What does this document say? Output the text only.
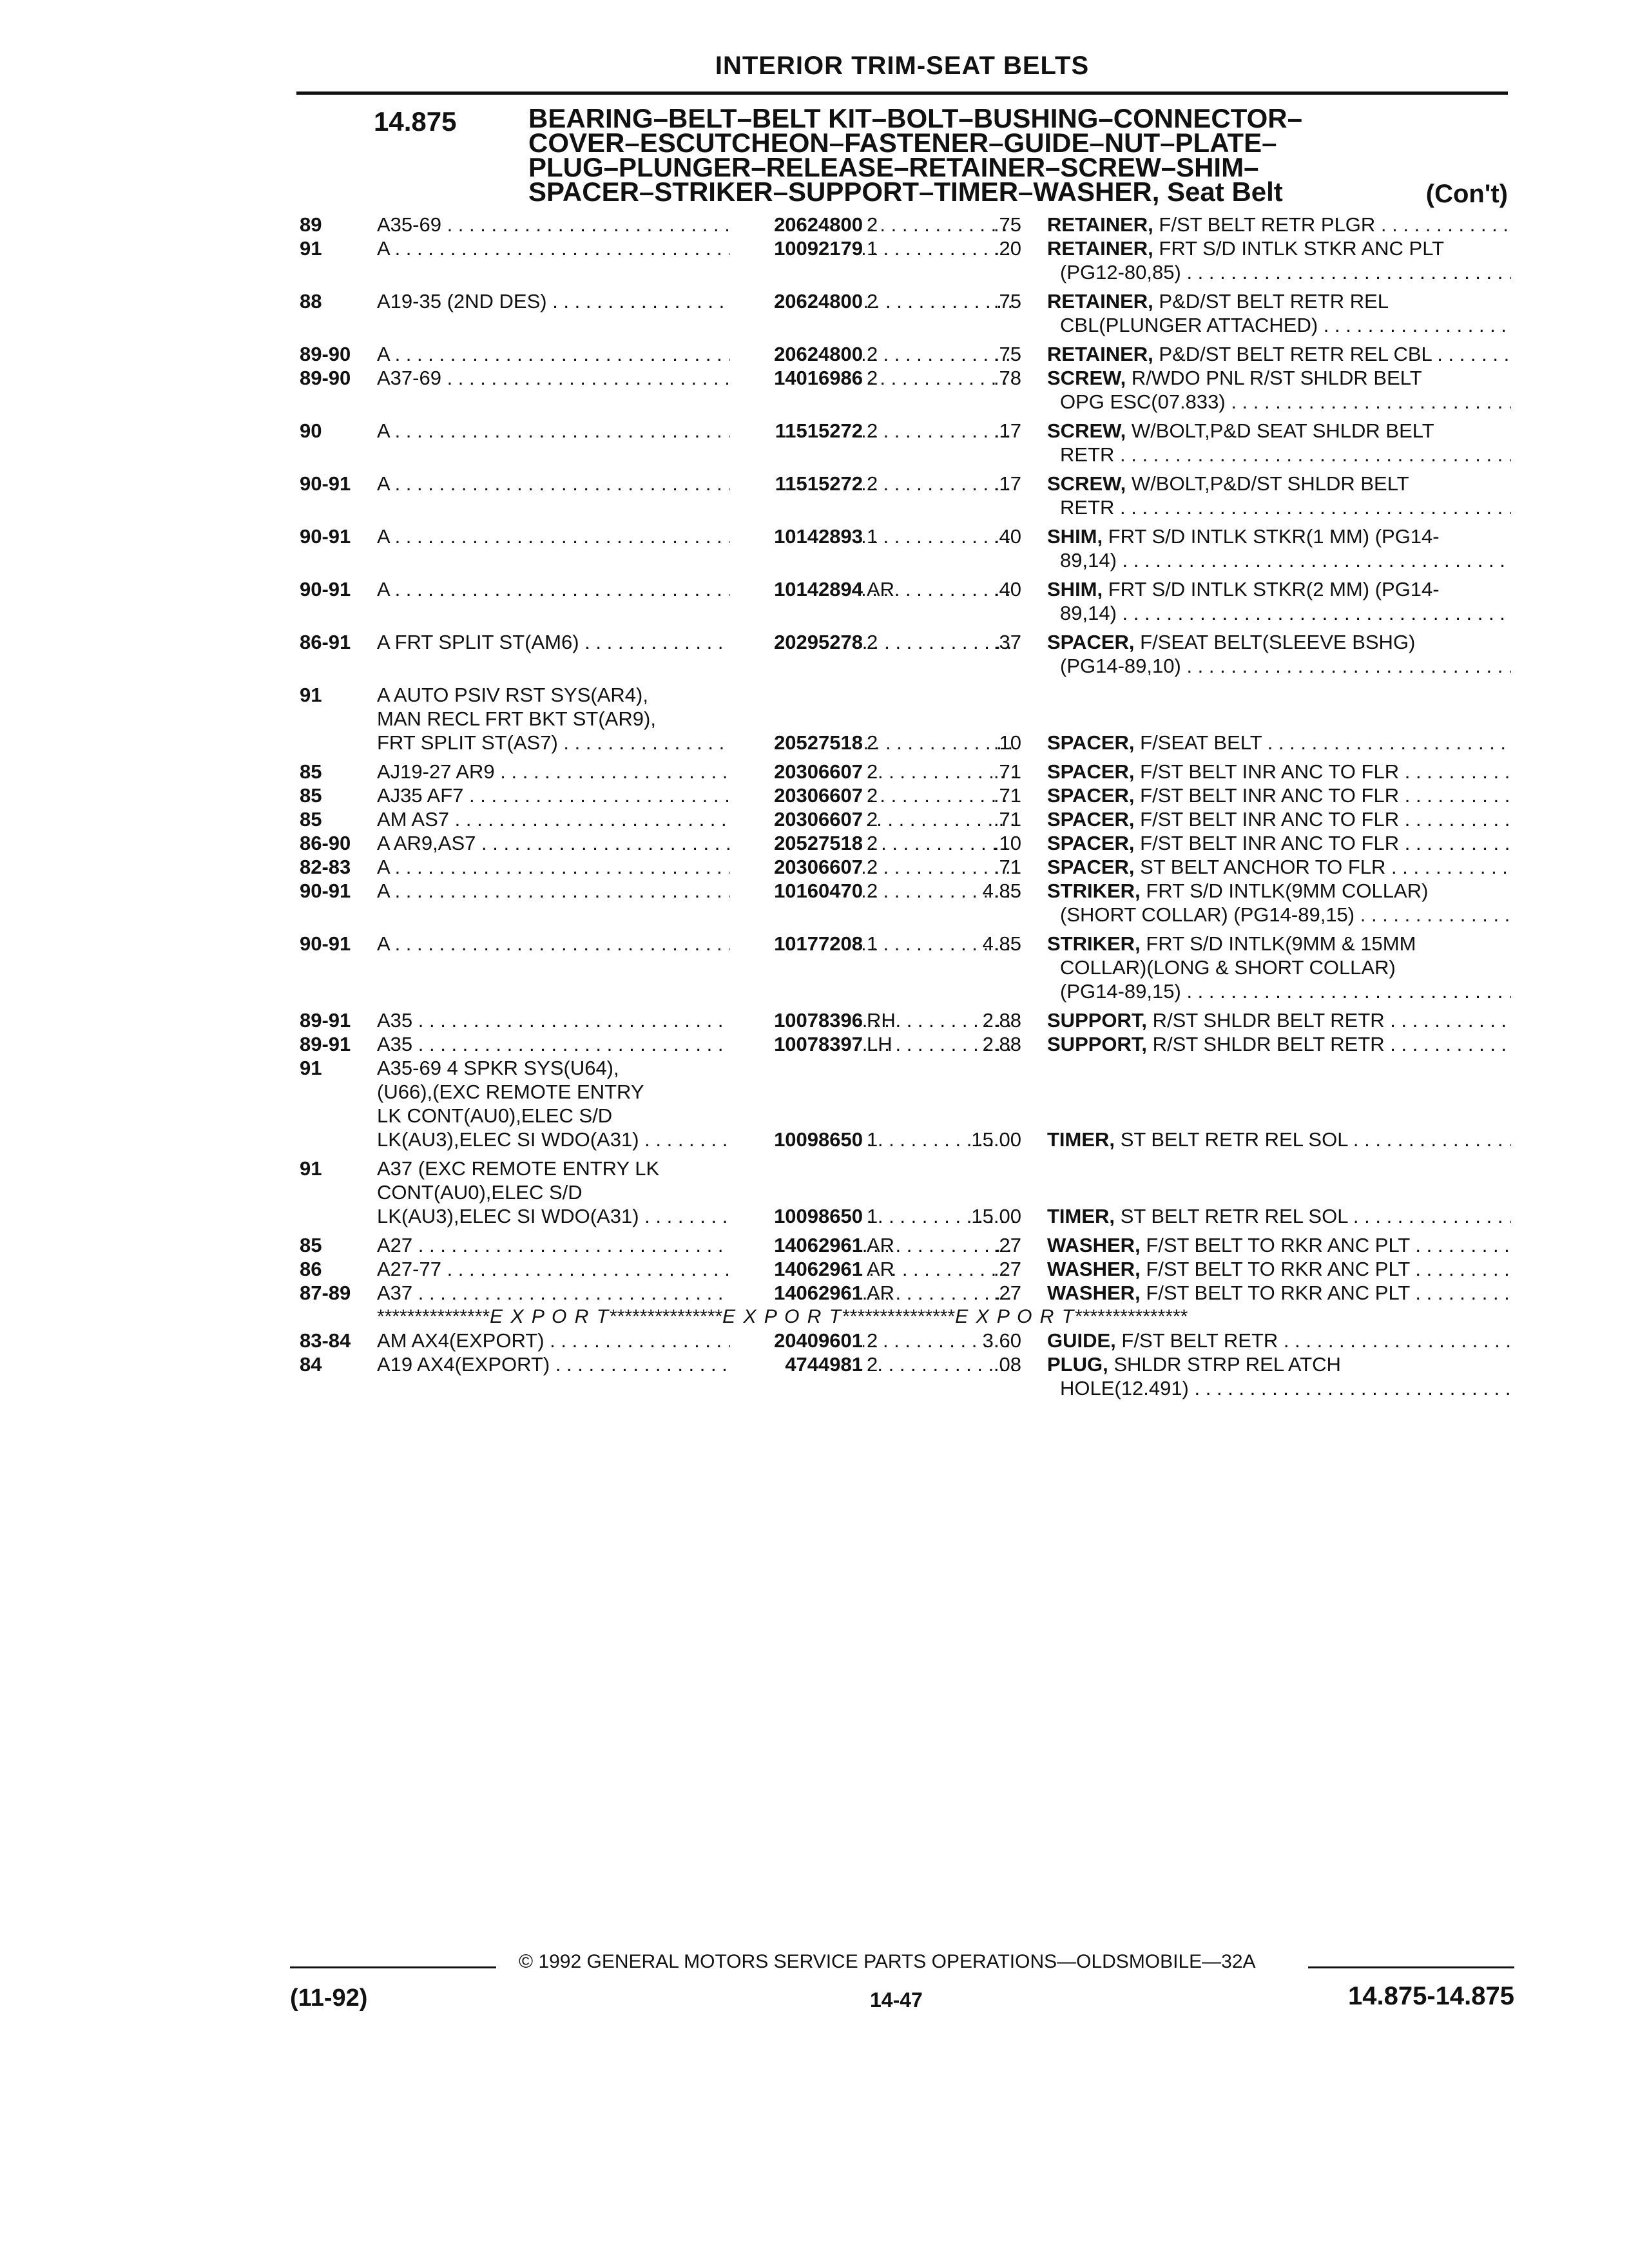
INTERIOR TRIM-SEAT BELTS
14.875	BEARING–BELT–BELT KIT–BOLT–BUSHING–CONNECTOR–
COVER–ESCUTCHEON–FASTENER–GUIDE–NUT–PLATE–
PLUG–PLUNGER–RELEASE–RETAINER–SCREW–SHIM–
SPACER–STRIKER–SUPPORT–TIMER–WASHER, Seat Belt	(Con't)
89	A35-69 . . .	20624800 2	.75 RETAINER, F/ST BELT RETR PLGR . . .
91	A . . .	10092179 1	.20 RETAINER, FRT S/D INTLK STKR ANC PLT
(PG12-80,85) . . .
88	A19-35 (2ND DES) . . .	20624800 2	.75 RETAINER, P&D/ST BELT RETR REL
CBL(PLUNGER ATTACHED) . . .
89-90	A . . .	20624800 2	.75 RETAINER, P&D/ST BELT RETR REL CBL . . .
89-90	A37-69 . . .	14016986 2	.78 SCREW, R/WDO PNL R/ST SHLDR BELT
OPG ESC(07.833) . . .
90	A . . .	11515272 2	.17 SCREW, W/BOLT,P&D SEAT SHLDR BELT
RETR . . .
90-91	A . . .	11515272 2	.17 SCREW, W/BOLT,P&D/ST SHLDR BELT
RETR . . .
90-91	A . . .	10142893 1	.40 SHIM, FRT S/D INTLK STKR(1 MM) (PG14-
89,14) . . .
90-91	A . . .	10142894 AR	.40 SHIM, FRT S/D INTLK STKR(2 MM) (PG14-
89,14) . . .
86-91	A FRT SPLIT ST(AM6) . . .	20295278 2	.37 SPACER, F/SEAT BELT(SLEEVE BSHG)
(PG14-89,10) . . .
91	A AUTO PSIV RST SYS(AR4),
MAN RECL FRT BKT ST(AR9),
FRT SPLIT ST(AS7) . . .	20527518 2	.10 SPACER, F/SEAT BELT . . .
85	AJ19-27 AR9 . . .	20306607 2	.71 SPACER, F/ST BELT INR ANC TO FLR . . .
85	AJ35 AF7 . . .	20306607 2	.71 SPACER, F/ST BELT INR ANC TO FLR . . .
85	AM AS7 . . .	20306607 2	.71 SPACER, F/ST BELT INR ANC TO FLR . . .
86-90	A AR9,AS7 . . .	20527518 2	.10 SPACER, F/ST BELT INR ANC TO FLR . . .
82-83	A . . .	20306607 2	.71 SPACER, ST BELT ANCHOR TO FLR . . .
90-91	A . . .	10160470 2	4.85 STRIKER, FRT S/D INTLK(9MM COLLAR)
(SHORT COLLAR) (PG14-89,15) . . .
90-91	A . . .	10177208 1	4.85 STRIKER, FRT S/D INTLK(9MM & 15MM
COLLAR)(LONG & SHORT COLLAR)
(PG14-89,15) . . .
89-91	A35 . . .	10078396 RH	2.88 SUPPORT, R/ST SHLDR BELT RETR . . .
89-91	A35 . . .	10078397 LH	2.88 SUPPORT, R/ST SHLDR BELT RETR . . .
91	A35-69 4 SPKR SYS(U64),
(U66),(EXC REMOTE ENTRY
LK CONT(AU0),ELEC S/D
LK(AU3),ELEC SI WDO(A31) . . .	10098650 1	15.00 TIMER, ST BELT RETR REL SOL . . .
91	A37 (EXC REMOTE ENTRY LK
CONT(AU0),ELEC S/D
LK(AU3),ELEC SI WDO(A31) . . .	10098650 1	15.00 TIMER, ST BELT RETR REL SOL . . .
85	A27 . . .	14062961 AR	.27 WASHER, F/ST BELT TO RKR ANC PLT . . .
86	A27-77 . . .	14062961 AR	.27 WASHER, F/ST BELT TO RKR ANC PLT . . .
87-89	A37 . . .	14062961 AR	.27 WASHER, F/ST BELT TO RKR ANC PLT . . .
***************E X P O R T***************E X P O R T***************E X P O R T***************
83-84	AM AX4(EXPORT) . . .	20409601 2	3.60 GUIDE, F/ST BELT RETR . . .
84	A19 AX4(EXPORT) . . .	4744981 2	.08 PLUG, SHLDR STRP REL ATCH
HOLE(12.491) . . .
© 1992 GENERAL MOTORS SERVICE PARTS OPERATIONS—OLDSMOBILE—32A
(11-92)	14-47	14.875-14.875
